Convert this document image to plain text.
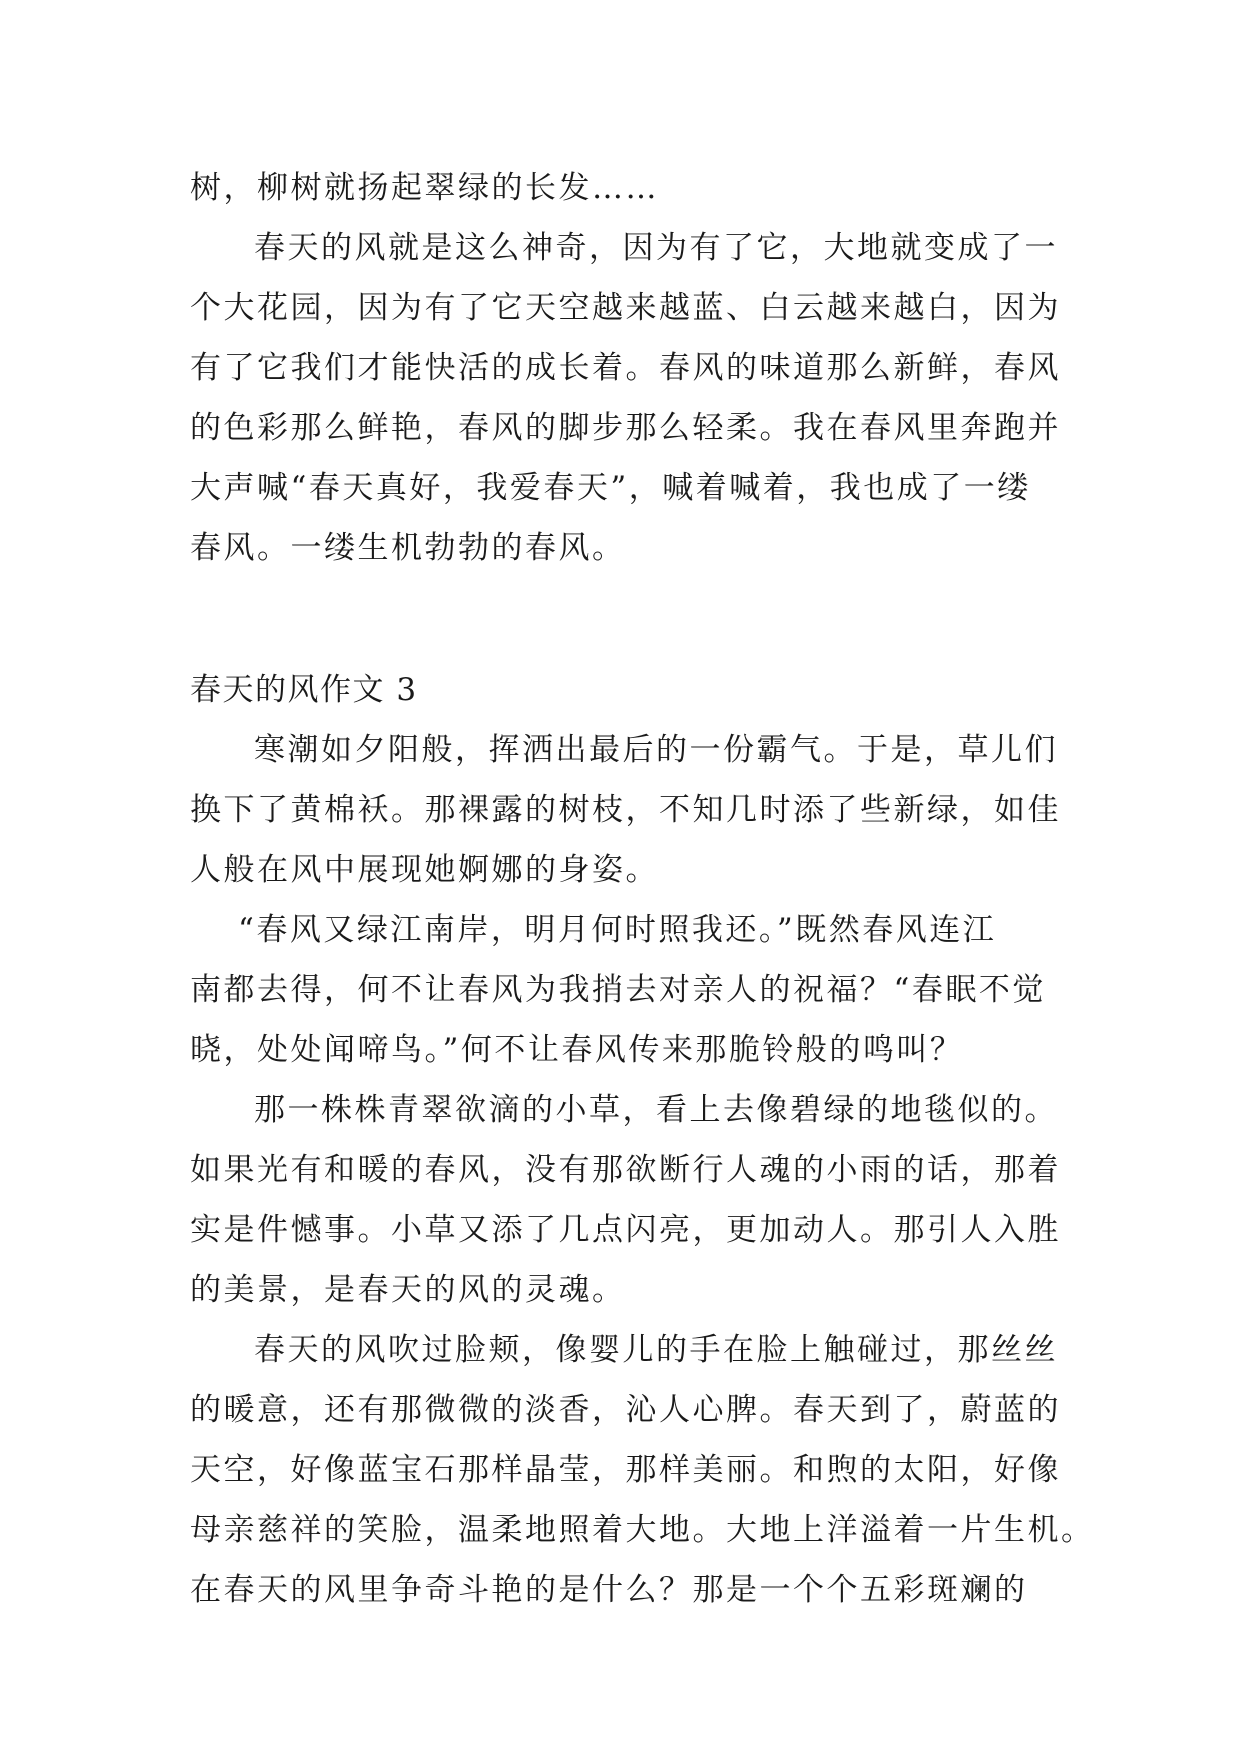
树，柳树就扬起翠绿的长发……
春天的风就是这么神奇，因为有了它，大地就变成了一
个大花园，因为有了它天空越来越蓝、白云越来越白，因为
有了它我们才能快活的成长着。春风的味道那么新鲜，春风
的色彩那么鲜艳，春风的脚步那么轻柔。我在春风里奔跑并
大声喊“春天真好，我爱春天”，喊着喊着，我也成了一缕
春风。一缕生机勃勃的春风。
春天的风作文 3
寒潮如夕阳般，挥洒出最后的一份霸气。于是，草儿们
换下了黄棉袄。那裸露的树枝，不知几时添了些新绿，如佳
人般在风中展现她婀娜的身姿。
“春风又绿江南岸，明月何时照我还。”既然春风连江
南都去得，何不让春风为我捎去对亲人的祝福？“春眠不觉
晓，处处闻啼鸟。”何不让春风传来那脆铃般的鸣叫？
那一株株青翠欲滴的小草，看上去像碧绿的地毯似的。
如果光有和暖的春风，没有那欲断行人魂的小雨的话，那着
实是件憾事。小草又添了几点闪亮，更加动人。那引人入胜
的美景，是春天的风的灵魂。
春天的风吹过脸颊，像婴儿的手在脸上触碰过，那丝丝
的暖意，还有那微微的淡香，沁人心脾。春天到了，蔚蓝的
天空，好像蓝宝石那样晶莹，那样美丽。和煦的太阳，好像
母亲慈祥的笑脸，温柔地照着大地。大地上洋溢着一片生机。
在春天的风里争奇斗艳的是什么？那是一个个五彩斑斓的
